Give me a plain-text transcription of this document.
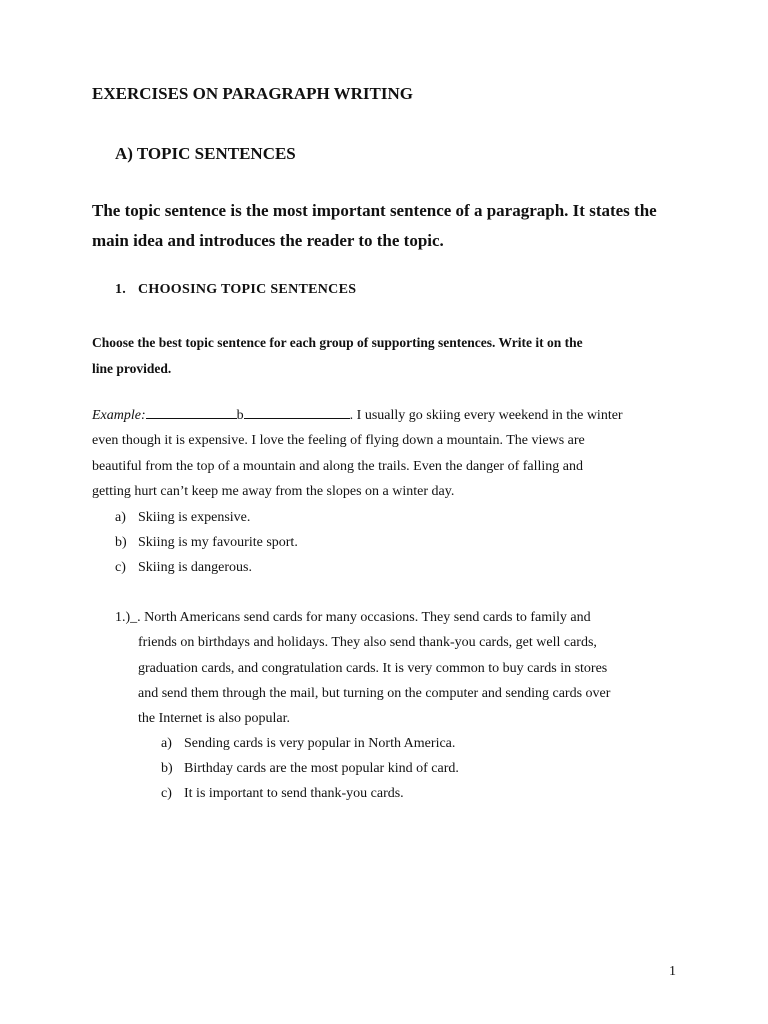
EXERCISES ON PARAGRAPH WRITING
A) TOPIC SENTENCES
The topic sentence is the most important sentence of a paragraph. It states the
main idea and introduces the reader to the topic.
1. CHOOSING TOPIC SENTENCES
Choose the best topic sentence for each group of supporting sentences. Write it on the
line provided.
Example:	b	. I usually go skiing every weekend in the winter
even though it is expensive. I love the feeling of flying down a mountain. The views are
beautiful from the top of a mountain and along the trails. Even the danger of falling and
getting hurt can’t keep me away from the slopes on a winter day.
a) Skiing is expensive.
b) Skiing is my favourite sport.
c) Skiing is dangerous.
1.)_. North Americans send cards for many occasions. They send cards to family and
friends on birthdays and holidays. They also send thank-you cards, get well cards,
graduation cards, and congratulation cards. It is very common to buy cards in stores
and send them through the mail, but turning on the computer and sending cards over
the Internet is also popular.
a) Sending cards is very popular in North America.
b) Birthday cards are the most popular kind of card.
c) It is important to send thank-you cards.
1
